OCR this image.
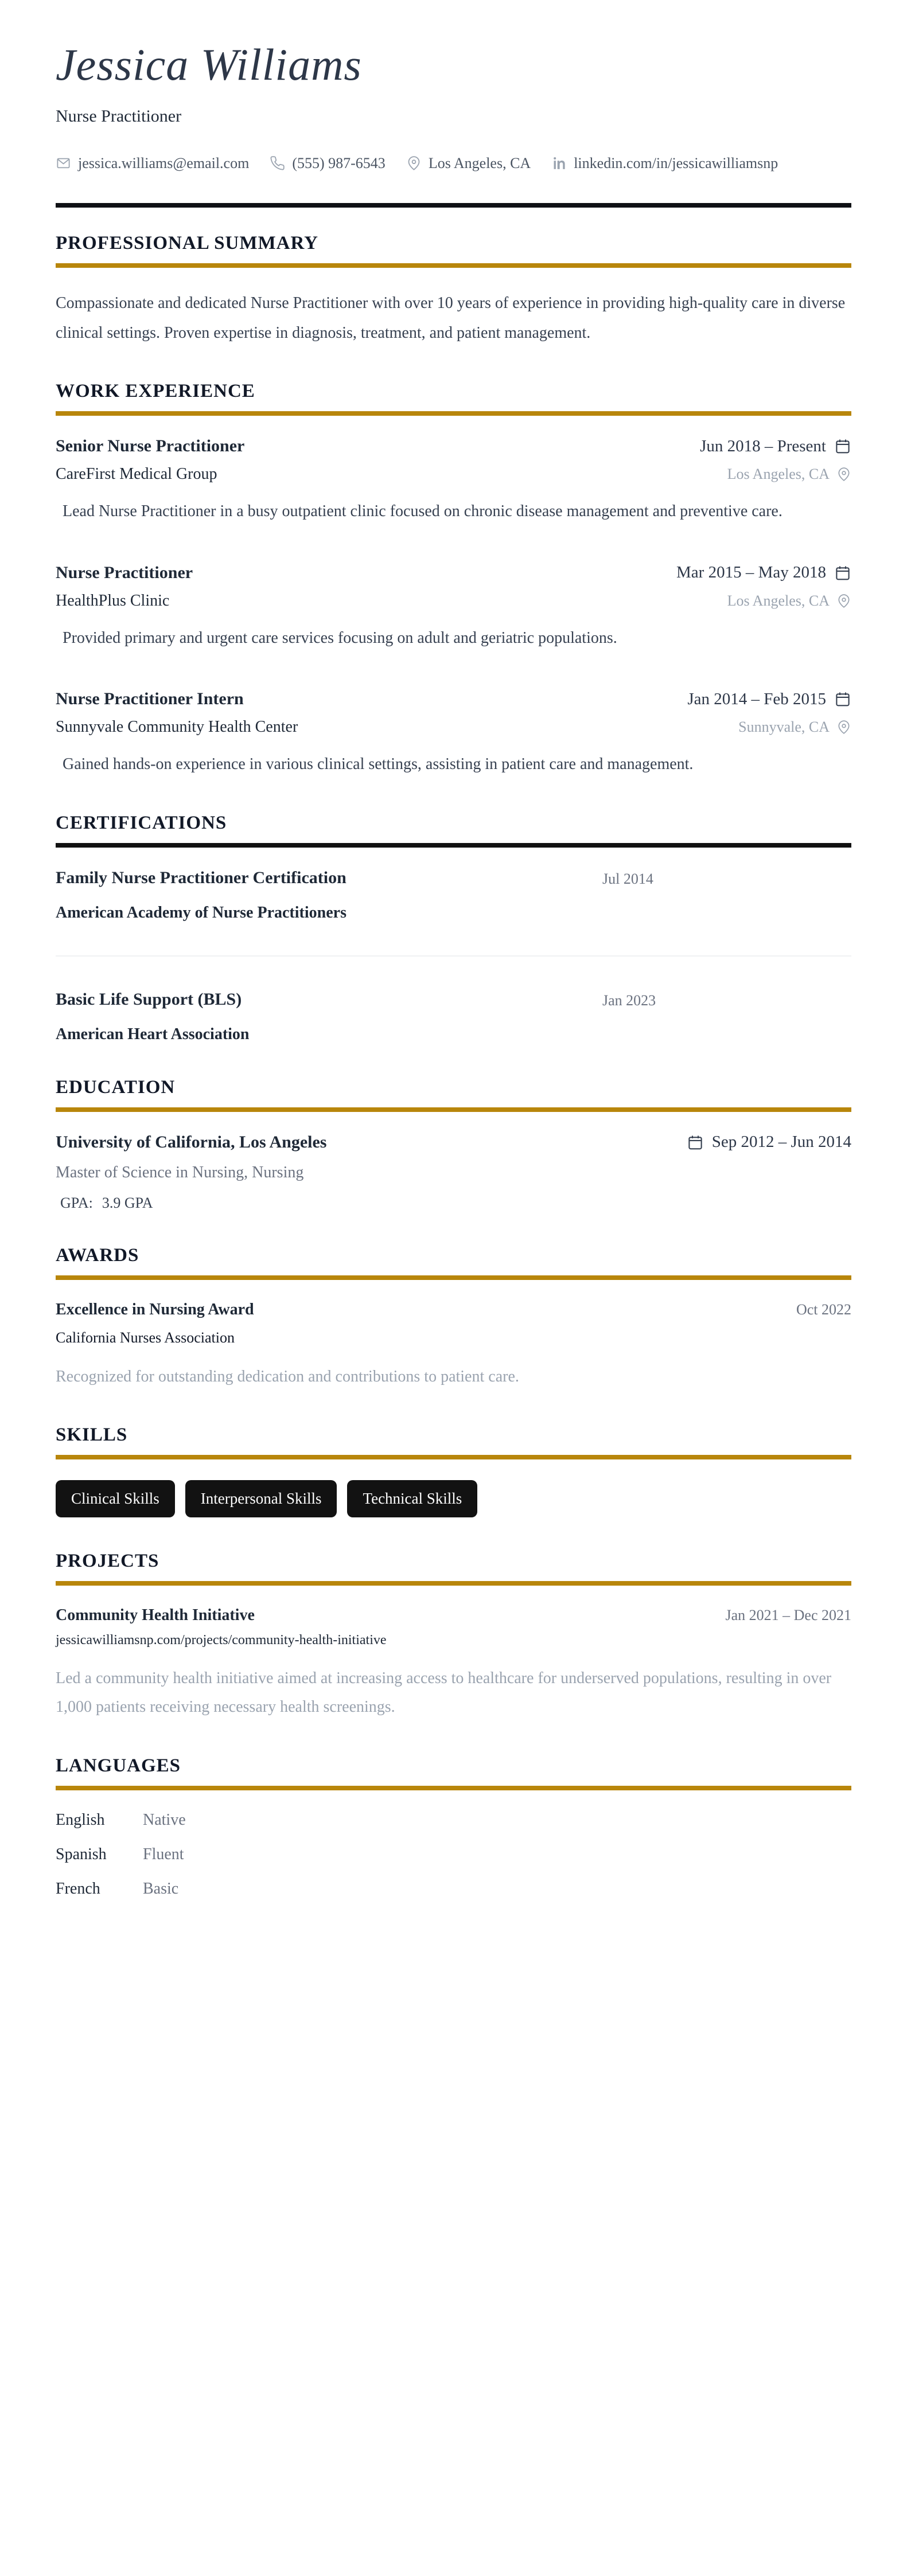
Jessica Williams
Nurse Practitioner
jessica.williams@email.com	(555) 987-6543	Los Angeles, CA	linkedin.com/in/jessicawilliamsnp
PROFESSIONAL SUMMARY

Compassionate and dedicated Nurse Practitioner with over 10 years of experience in providing high-quality care in diverse clinical settings. Proven expertise in diagnosis, treatment, and patient management.

WORK EXPERIENCE
Senior Nurse Practitioner	Jun 2018 – Present
CareFirst Medical Group	Los Angeles, CA

Lead Nurse Practitioner in a busy outpatient clinic focused on chronic disease management and preventive care.

Nurse Practitioner	Mar 2015 – May 2018
HealthPlus Clinic	Los Angeles, CA

Provided primary and urgent care services focusing on adult and geriatric populations.

Nurse Practitioner Intern	Jan 2014 – Feb 2015
Sunnyvale Community Health Center	Sunnyvale, CA

Gained hands-on experience in various clinical settings, assisting in patient care and management.

CERTIFICATIONS
Family Nurse Practitioner Certification	Jul 2014
American Academy of Nurse Practitioners
Basic Life Support (BLS)	Jan 2023
American Heart Association
EDUCATION
University of California, Los Angeles	Sep 2012 – Jun 2014
Master of Science in Nursing, Nursing
GPA: 3.9 GPA
AWARDS
Excellence in Nursing Award	Oct 2022
California Nurses Association
Recognized for outstanding dedication and contributions to patient care.
SKILLS
Clinical Skills	Interpersonal Skills	Technical Skills
PROJECTS
Community Health Initiative	Jan 2021 – Dec 2021
jessicawilliamsnp.com/projects/community-health-initiative
Led a community health initiative aimed at increasing access to healthcare for underserved populations, resulting in over 1,000 patients receiving necessary health screenings.
LANGUAGES
English	Native
Spanish	Fluent
French	Basic
